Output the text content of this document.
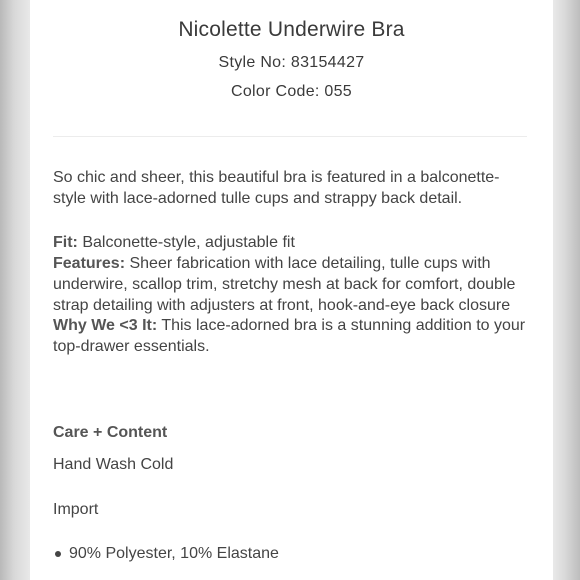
Nicolette Underwire Bra
Style No: 83154427
Color Code: 055

So chic and sheer, this beautiful bra is featured in a balconette-style with lace-adorned tulle cups and strappy back detail.

Fit: Balconette-style, adjustable fit
Features: Sheer fabrication with lace detailing, tulle cups with underwire, scallop trim, stretchy mesh at back for comfort, double strap detailing with adjusters at front, hook-and-eye back closure
Why We <3 It: This lace-adorned bra is a stunning addition to your top-drawer essentials.

Care + Content
Hand Wash Cold
Import
90% Polyester, 10% Elastane
